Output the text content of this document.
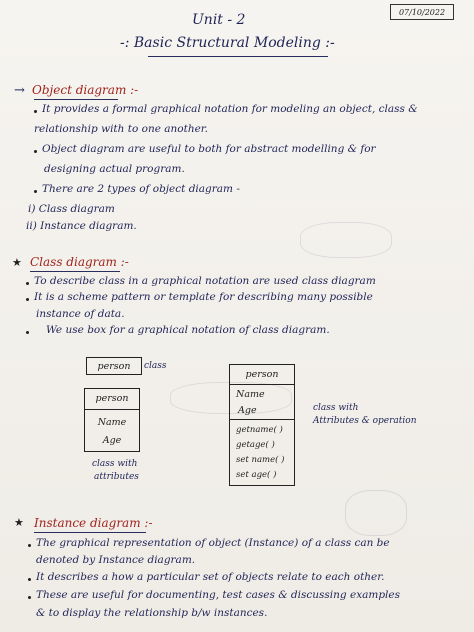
07/10/2022
Unit - 2
-: Basic Structural Modeling :-
→ Object diagram :-
It provides a formal graphical notation for modeling an object, class &
relationship with to one another.
Object diagram are useful to both for abstract modelling & for
designing actual program.
There are 2 types of object diagram -
i) Class diagram
ii) Instance diagram.
★ Class diagram :-
To describe class in a graphical notation are used class diagram
It is a scheme pattern or template for describing many possible
instance of data.
We use box for a graphical notation of class diagram.
person	class
person
Name
Age
class with
attributes
person
Name
Age
getname( )
getage( )
set name( )
set age( )
class with
Attributes & operation
★ Instance diagram :-
The graphical representation of object (Instance) of a class can be
denoted by Instance diagram.
It describes a how a particular set of objects relate to each other.
These are useful for documenting, test cases & discussing examples
& to display the relationship b/w instances.
